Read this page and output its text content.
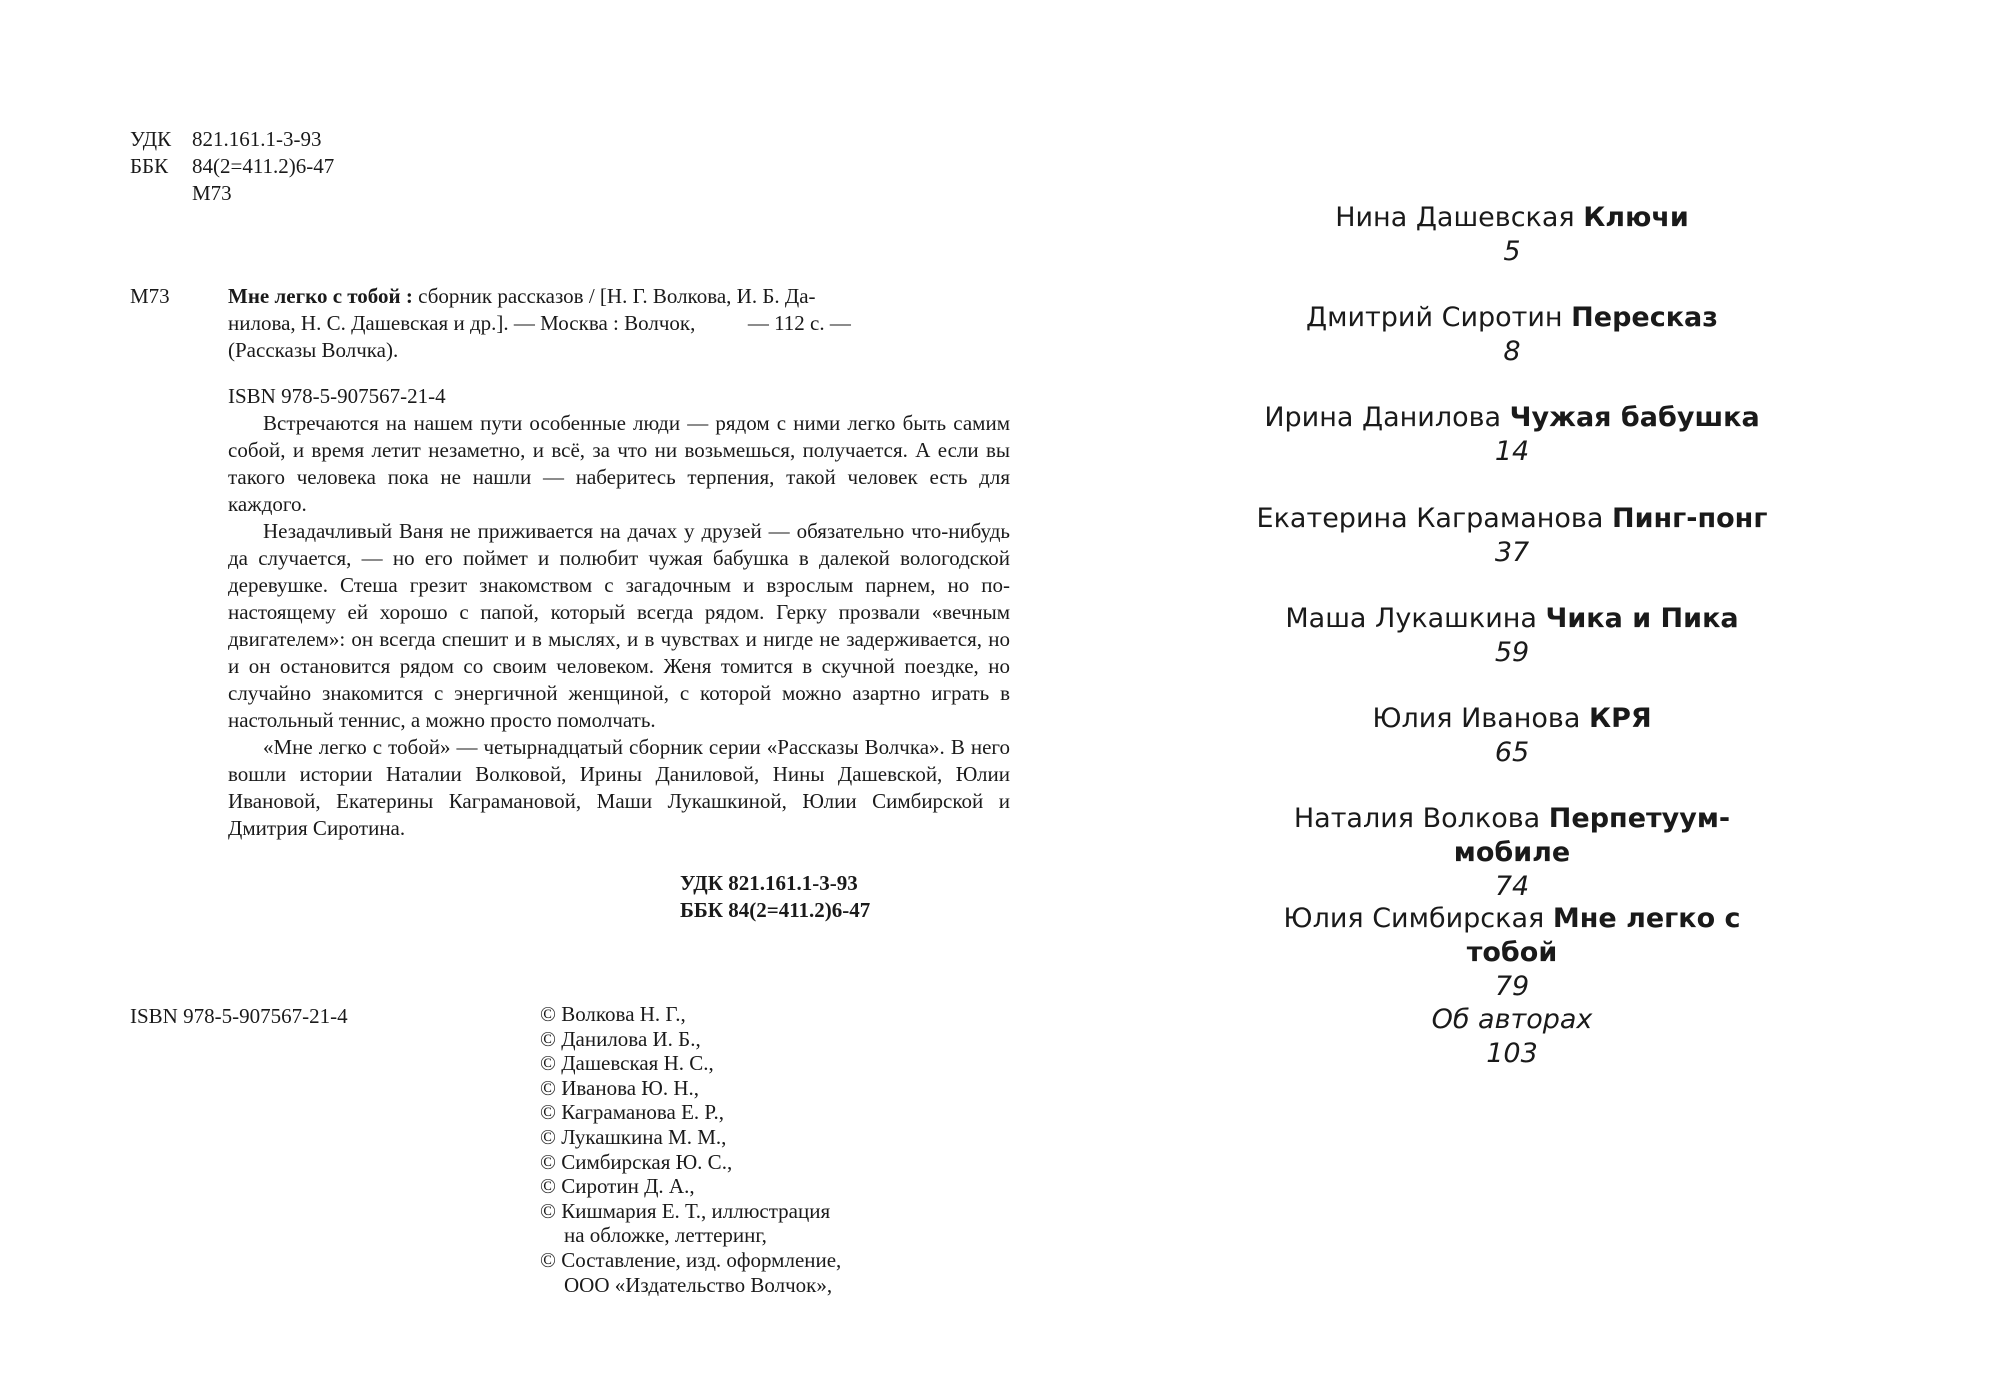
УДК 821.161.1-3-93
ББК	84(2=411.2)6-47
М73
М73	Мне легко с тобой : сборник рассказов / [Н. Г. Волкова, И. Б. Да-

нилова, Н. С. Дашевская и др.]. — Москва : Волчок,          — 112 с. —

(Рассказы Волчка).

ISBN 978-5-907567-21-4

Встречаются на нашем пути особенные люди — рядом с ними легко быть самим собой, и время летит незаметно, и всё, за что ни возьмешься, получается. А если вы такого человека пока не нашли — наберитесь терпения, такой человек есть для каждого.

Незадачливый Ваня не приживается на дачах у друзей — обязательно что-нибудь да случается, — но его поймет и полюбит чужая бабушка в далекой вологодской деревушке. Стеша грезит знакомством с загадочным и взрослым парнем, но по-настоящему ей хорошо с папой, который всегда рядом. Герку прозвали «вечным двигателем»: он всегда спешит и в мыслях, и в чувствах и нигде не задерживается, но и он остановится рядом со своим человеком. Женя томится в скучной поездке, но случайно знакомится с энергичной женщиной, с которой можно азартно играть в настольный теннис, а можно просто помолчать.

«Мне легко с тобой» — четырнадцатый сборник серии «Рассказы Волчка». В него вошли истории Наталии Волковой, Ирины Даниловой, Нины Дашевской, Юлии Ивановой, Екатерины Каграмановой, Маши Лукашкиной, Юлии Симбирской и Дмитрия Сиротина.

УДК 821.161.1-3-93
ББК 84(2=411.2)6-47
ISBN 978-5-907567-21-4	© Волкова Н. Г.,
© Данилова И. Б.,
© Дашевская Н. С.,
© Иванова Ю. Н.,
© Каграманова Е. Р.,
© Лукашкина М. М.,
© Симбирская Ю. С.,
© Сиротин Д. А.,
© Кишмария Е. Т., иллюстрация
на обложке, леттеринг,
© Составление, изд. оформление,
ООО «Издательство Волчок»,
Нина Дашевская Ключи
5
Дмитрий Сиротин Пересказ
8
Ирина Данилова Чужая бабушка
14
Екатерина Каграманова Пинг-понг
37
Маша Лукашкина Чика и Пика
59
Юлия Иванова КРЯ
65
Наталия Волкова Перпетуум-мобиле
74
Юлия Симбирская Мне легко с тобой
79
Об авторах
103
